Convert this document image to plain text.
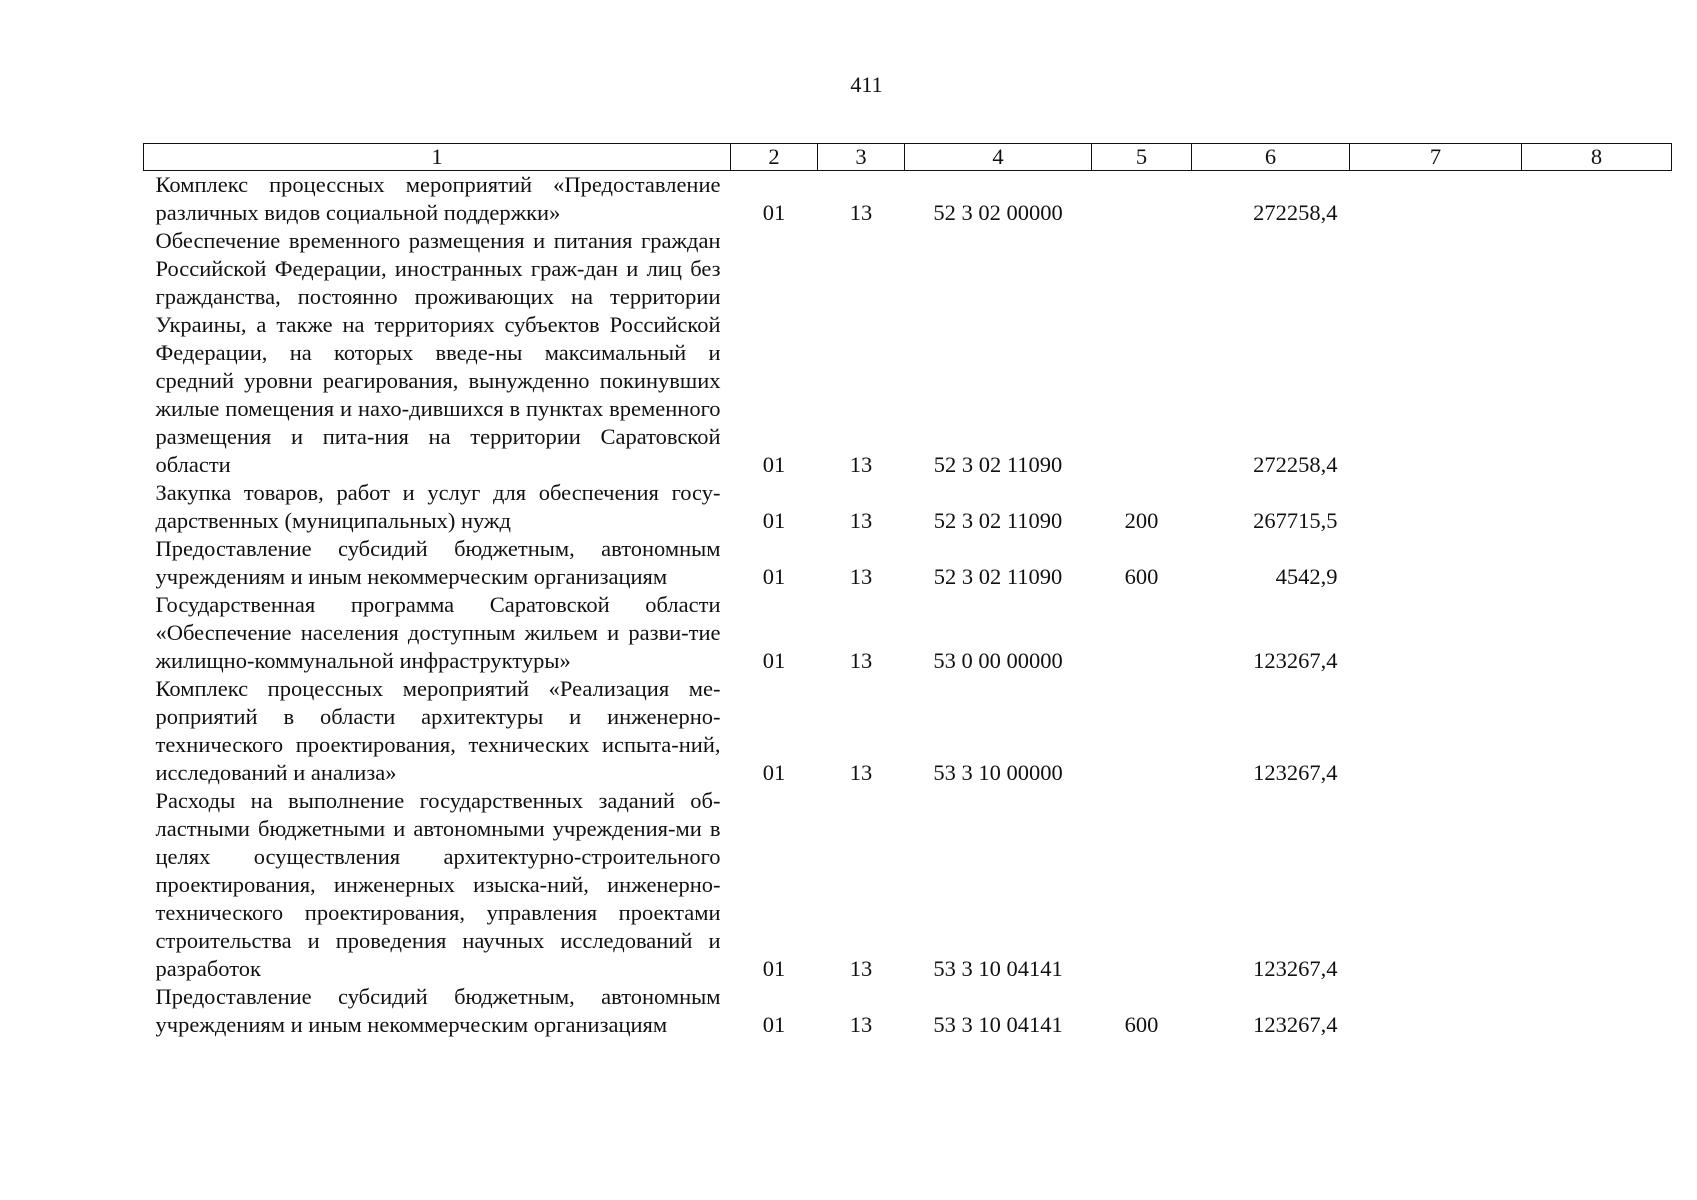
411
1	2	3	4	5	6	7	8
Комплекс процессных мероприятий «Предоставление различных видов социальной поддержки»	01	13	52 3 02 00000		272258,4		
Обеспечение временного размещения и питания граждан Российской Федерации, иностранных граж-дан и лиц без гражданства, постоянно проживающих на территории Украины, а также на территориях субъектов Российской Федерации, на которых введе-ны максимальный и средний уровни реагирования, вынужденно покинувших жилые помещения и нахо-дившихся в пунктах временного размещения и пита-ния на территории Саратовской области	01	13	52 3 02 11090		272258,4		
Закупка товаров, работ и услуг для обеспечения госу-дарственных (муниципальных) нужд	01	13	52 3 02 11090	200	267715,5		
Предоставление субсидий бюджетным, автономным учреждениям и иным некоммерческим организациям	01	13	52 3 02 11090	600	4542,9		
Государственная программа Саратовской области «Обеспечение населения доступным жильем и разви-тие жилищно-коммунальной инфраструктуры»	01	13	53 0 00 00000		123267,4		
Комплекс процессных мероприятий «Реализация ме-роприятий в области архитектуры и инженерно-технического проектирования, технических испыта-ний, исследований и анализа»	01	13	53 3 10 00000		123267,4		
Расходы на выполнение государственных заданий об-ластными бюджетными и автономными учреждения-ми в целях осуществления архитектурно-строительного проектирования, инженерных изыска-ний, инженерно-технического проектирования, управления проектами строительства и проведения научных исследований и разработок	01	13	53 3 10 04141		123267,4		
Предоставление субсидий бюджетным, автономным учреждениям и иным некоммерческим организациям	01	13	53 3 10 04141	600	123267,4		
